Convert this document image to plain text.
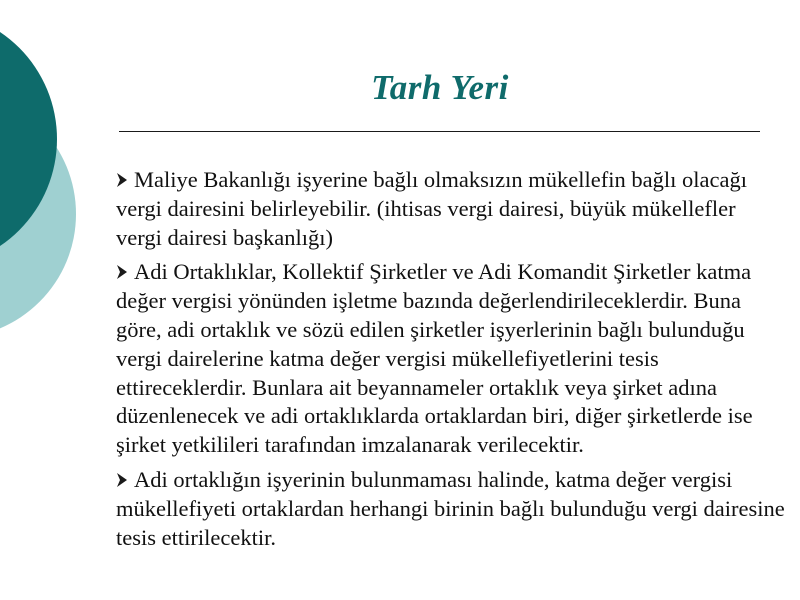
Tarh Yeri

Maliye Bakanlığı işyerine bağlı olmaksızın mükellefin bağlı olacağı vergi dairesini belirleyebilir. (ihtisas vergi dairesi, büyük mükellefler vergi dairesi başkanlığı)

Adi Ortaklıklar, Kollektif Şirketler ve Adi Komandit Şirketler katma değer vergisi yönünden işletme bazında değerlendirileceklerdir. Buna göre, adi ortaklık ve sözü edilen şirketler işyerlerinin bağlı bulunduğu vergi dairelerine katma değer vergisi mükellefiyetlerini tesis ettireceklerdir. Bunlara ait beyannameler ortaklık veya şirket adına düzenlenecek ve adi ortaklıklarda ortaklardan biri, diğer şirketlerde ise şirket yetkilileri tarafından imzalanarak verilecektir.

Adi ortaklığın işyerinin bulunmaması halinde, katma değer vergisi mükellefiyeti ortaklardan herhangi birinin bağlı bulunduğu vergi dairesine tesis ettirilecektir.
